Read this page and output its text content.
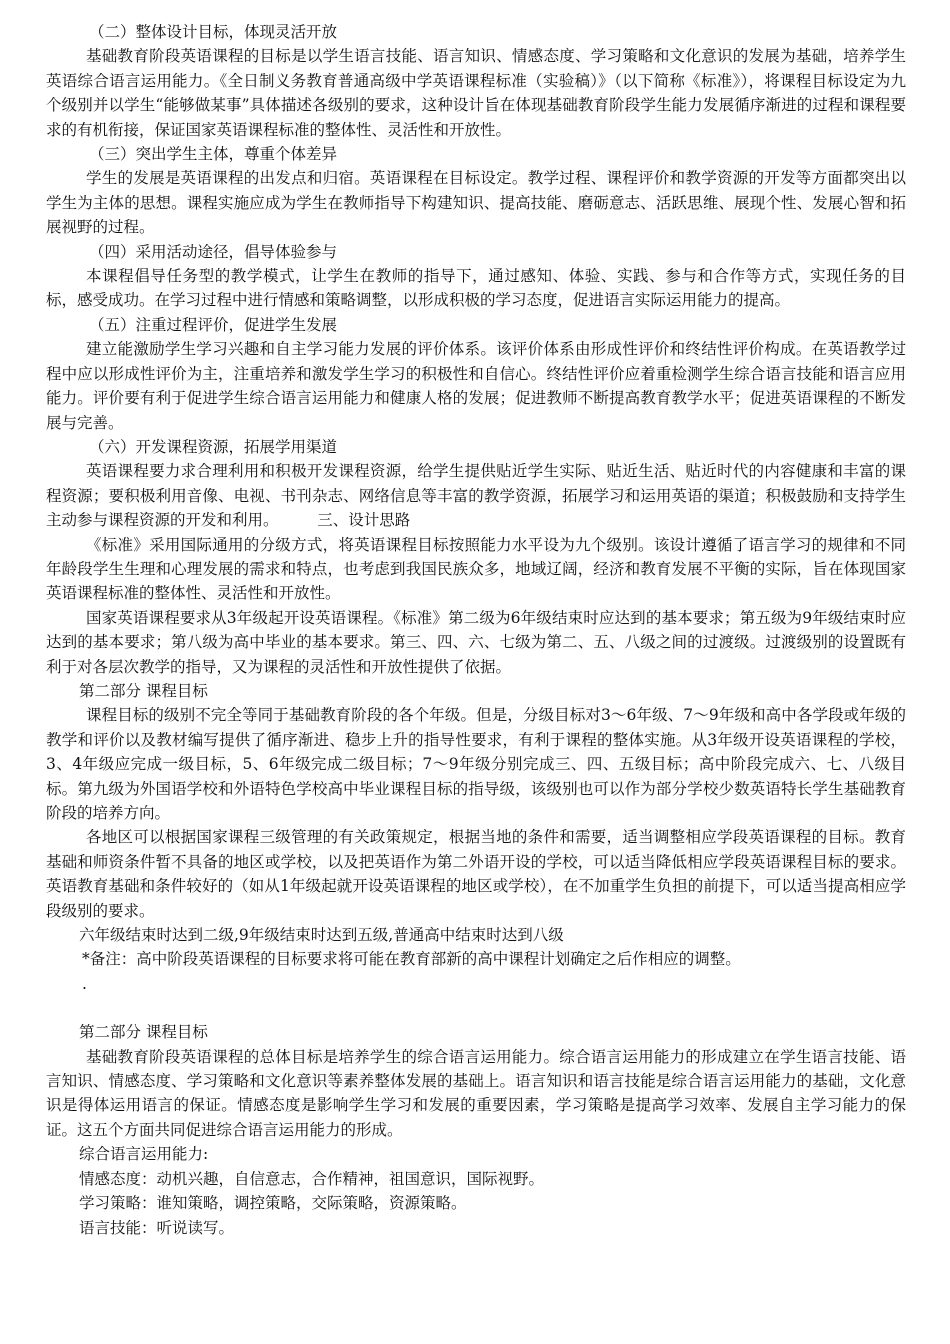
（二）整体设计目标，体现灵活开放

基础教育阶段英语课程的目标是以学生语言技能、语言知识、情感态度、学习策略和文化意识的发展为基础，培养学生英语综合语言运用能力。《全日制义务教育普通高级中学英语课程标准（实验稿）》（以下简称《标准》），将课程目标设定为九个级别并以学生“能够做某事”具体描述各级别的要求，这种设计旨在体现基础教育阶段学生能力发展循序渐进的过程和课程要求的有机衔接，保证国家英语课程标准的整体性、灵活性和开放性。

（三）突出学生主体，尊重个体差异

学生的发展是英语课程的出发点和归宿。英语课程在目标设定。教学过程、课程评价和教学资源的开发等方面都突出以学生为主体的思想。课程实施应成为学生在教师指导下构建知识、提高技能、磨砺意志、活跃思维、展现个性、发展心智和拓展视野的过程。

（四）采用活动途径，倡导体验参与

本课程倡导任务型的教学模式，让学生在教师的指导下，通过感知、体验、实践、参与和合作等方式，实现任务的目标，感受成功。在学习过程中进行情感和策略调整，以形成积极的学习态度，促进语言实际运用能力的提高。

（五）注重过程评价，促进学生发展

建立能激励学生学习兴趣和自主学习能力发展的评价体系。该评价体系由形成性评价和终结性评价构成。在英语教学过程中应以形成性评价为主，注重培养和激发学生学习的积极性和自信心。终结性评价应着重检测学生综合语言技能和语言应用能力。评价要有利于促进学生综合语言运用能力和健康人格的发展；促进教师不断提高教育教学水平；促进英语课程的不断发展与完善。

（六）开发课程资源，拓展学用渠道

英语课程要力求合理利用和积极开发课程资源，给学生提供贴近学生实际、贴近生活、贴近时代的内容健康和丰富的课程资源；要积极利用音像、电视、书刊杂志、网络信息等丰富的教学资源，拓展学习和运用英语的渠道；积极鼓励和支持学生主动参与课程资源的开发和利用。　　　三、设计思路

《标准》采用国际通用的分级方式，将英语课程目标按照能力水平设为九个级别。该设计遵循了语言学习的规律和不同年龄段学生生理和心理发展的需求和特点，也考虑到我国民族众多，地域辽阔，经济和教育发展不平衡的实际，旨在体现国家英语课程标准的整体性、灵活性和开放性。

国家英语课程要求从3年级起开设英语课程。《标准》第二级为6年级结束时应达到的基本要求；第五级为9年级结束时应达到的基本要求；第八级为高中毕业的基本要求。第三、四、六、七级为第二、五、八级之间的过渡级。过渡级别的设置既有利于对各层次教学的指导，又为课程的灵活性和开放性提供了依据。

第二部分 课程目标

课程目标的级别不完全等同于基础教育阶段的各个年级。但是，分级目标对3～6年级、7～9年级和高中各学段或年级的教学和评价以及教材编写提供了循序渐进、稳步上升的指导性要求，有利于课程的整体实施。从3年级开设英语课程的学校，3、4年级应完成一级目标，5、6年级完成二级目标；7～9年级分别完成三、四、五级目标；高中阶段完成六、七、八级目标。第九级为外国语学校和外语特色学校高中毕业课程目标的指导级，该级别也可以作为部分学校少数英语特长学生基础教育阶段的培养方向。

各地区可以根据国家课程三级管理的有关政策规定，根据当地的条件和需要，适当调整相应学段英语课程的目标。教育基础和师资条件暂不具备的地区或学校，以及把英语作为第二外语开设的学校，可以适当降低相应学段英语课程目标的要求。英语教育基础和条件较好的（如从1年级起就开设英语课程的地区或学校），在不加重学生负担的前提下，可以适当提高相应学段级别的要求。

六年级结束时达到二级,9年级结束时达到五级,普通高中结束时达到八级
*备注：高中阶段英语课程的目标要求将可能在教育部新的高中课程计划确定之后作相应的调整。
.
第二部分 课程目标

基础教育阶段英语课程的总体目标是培养学生的综合语言运用能力。综合语言运用能力的形成建立在学生语言技能、语言知识、情感态度、学习策略和文化意识等素养整体发展的基础上。语言知识和语言技能是综合语言运用能力的基础，文化意识是得体运用语言的保证。情感态度是影响学生学习和发展的重要因素，学习策略是提高学习效率、发展自主学习能力的保证。这五个方面共同促进综合语言运用能力的形成。

综合语言运用能力:
情感态度：动机兴趣，自信意志，合作精神，祖国意识，国际视野。
学习策略：谁知策略，调控策略，交际策略，资源策略。
语言技能：听说读写。
